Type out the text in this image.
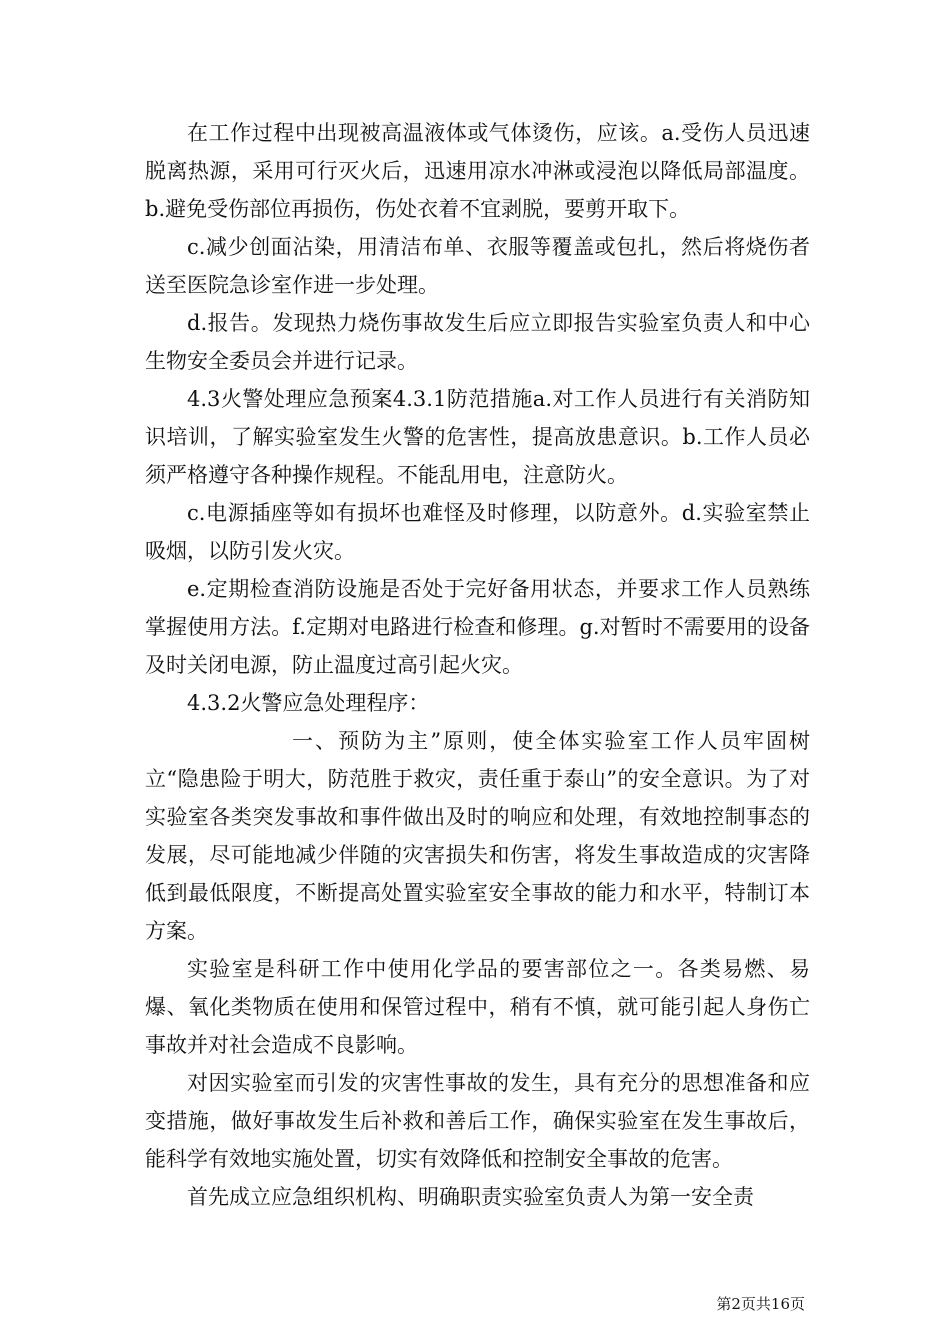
在工作过程中出现被高温液体或气体烫伤，应该。a.受伤人员迅速脱离热源，采用可行灭火后，迅速用凉水冲淋或浸泡以降低局部温度。b.避免受伤部位再损伤，伤处衣着不宜剥脱，要剪开取下。

c.减少创面沾染，用清洁布单、衣服等覆盖或包扎，然后将烧伤者送至医院急诊室作进一步处理。

d.报告。发现热力烧伤事故发生后应立即报告实验室负责人和中心生物安全委员会并进行记录。

4.3火警处理应急预案4.3.1防范措施a.对工作人员进行有关消防知识培训，了解实验室发生火警的危害性，提高放患意识。b.工作人员必须严格遵守各种操作规程。不能乱用电，注意防火。

c.电源插座等如有损坏也难怪及时修理，以防意外。d.实验室禁止吸烟，以防引发火灾。

e.定期检查消防设施是否处于完好备用状态，并要求工作人员熟练掌握使用方法。f.定期对电路进行检查和修理。g.对暂时不需要用的设备及时关闭电源，防止温度过高引起火灾。

4.3.2火警应急处理程序：

一、预防为主”原则，使全体实验室工作人员牢固树立“隐患险于明大，防范胜于救灾，责任重于泰山”的安全意识。为了对实验室各类突发事故和事件做出及时的响应和处理，有效地控制事态的发展，尽可能地减少伴随的灾害损失和伤害，将发生事故造成的灾害降低到最低限度，不断提高处置实验室安全事故的能力和水平，特制订本方案。

实验室是科研工作中使用化学品的要害部位之一。各类易燃、易爆、氧化类物质在使用和保管过程中，稍有不慎，就可能引起人身伤亡事故并对社会造成不良影响。

对因实验室而引发的灾害性事故的发生，具有充分的思想准备和应变措施，做好事故发生后补救和善后工作，确保实验室在发生事故后，能科学有效地实施处置，切实有效降低和控制安全事故的危害。

首先成立应急组织机构、明确职责实验室负责人为第一安全责

第2页共16页
